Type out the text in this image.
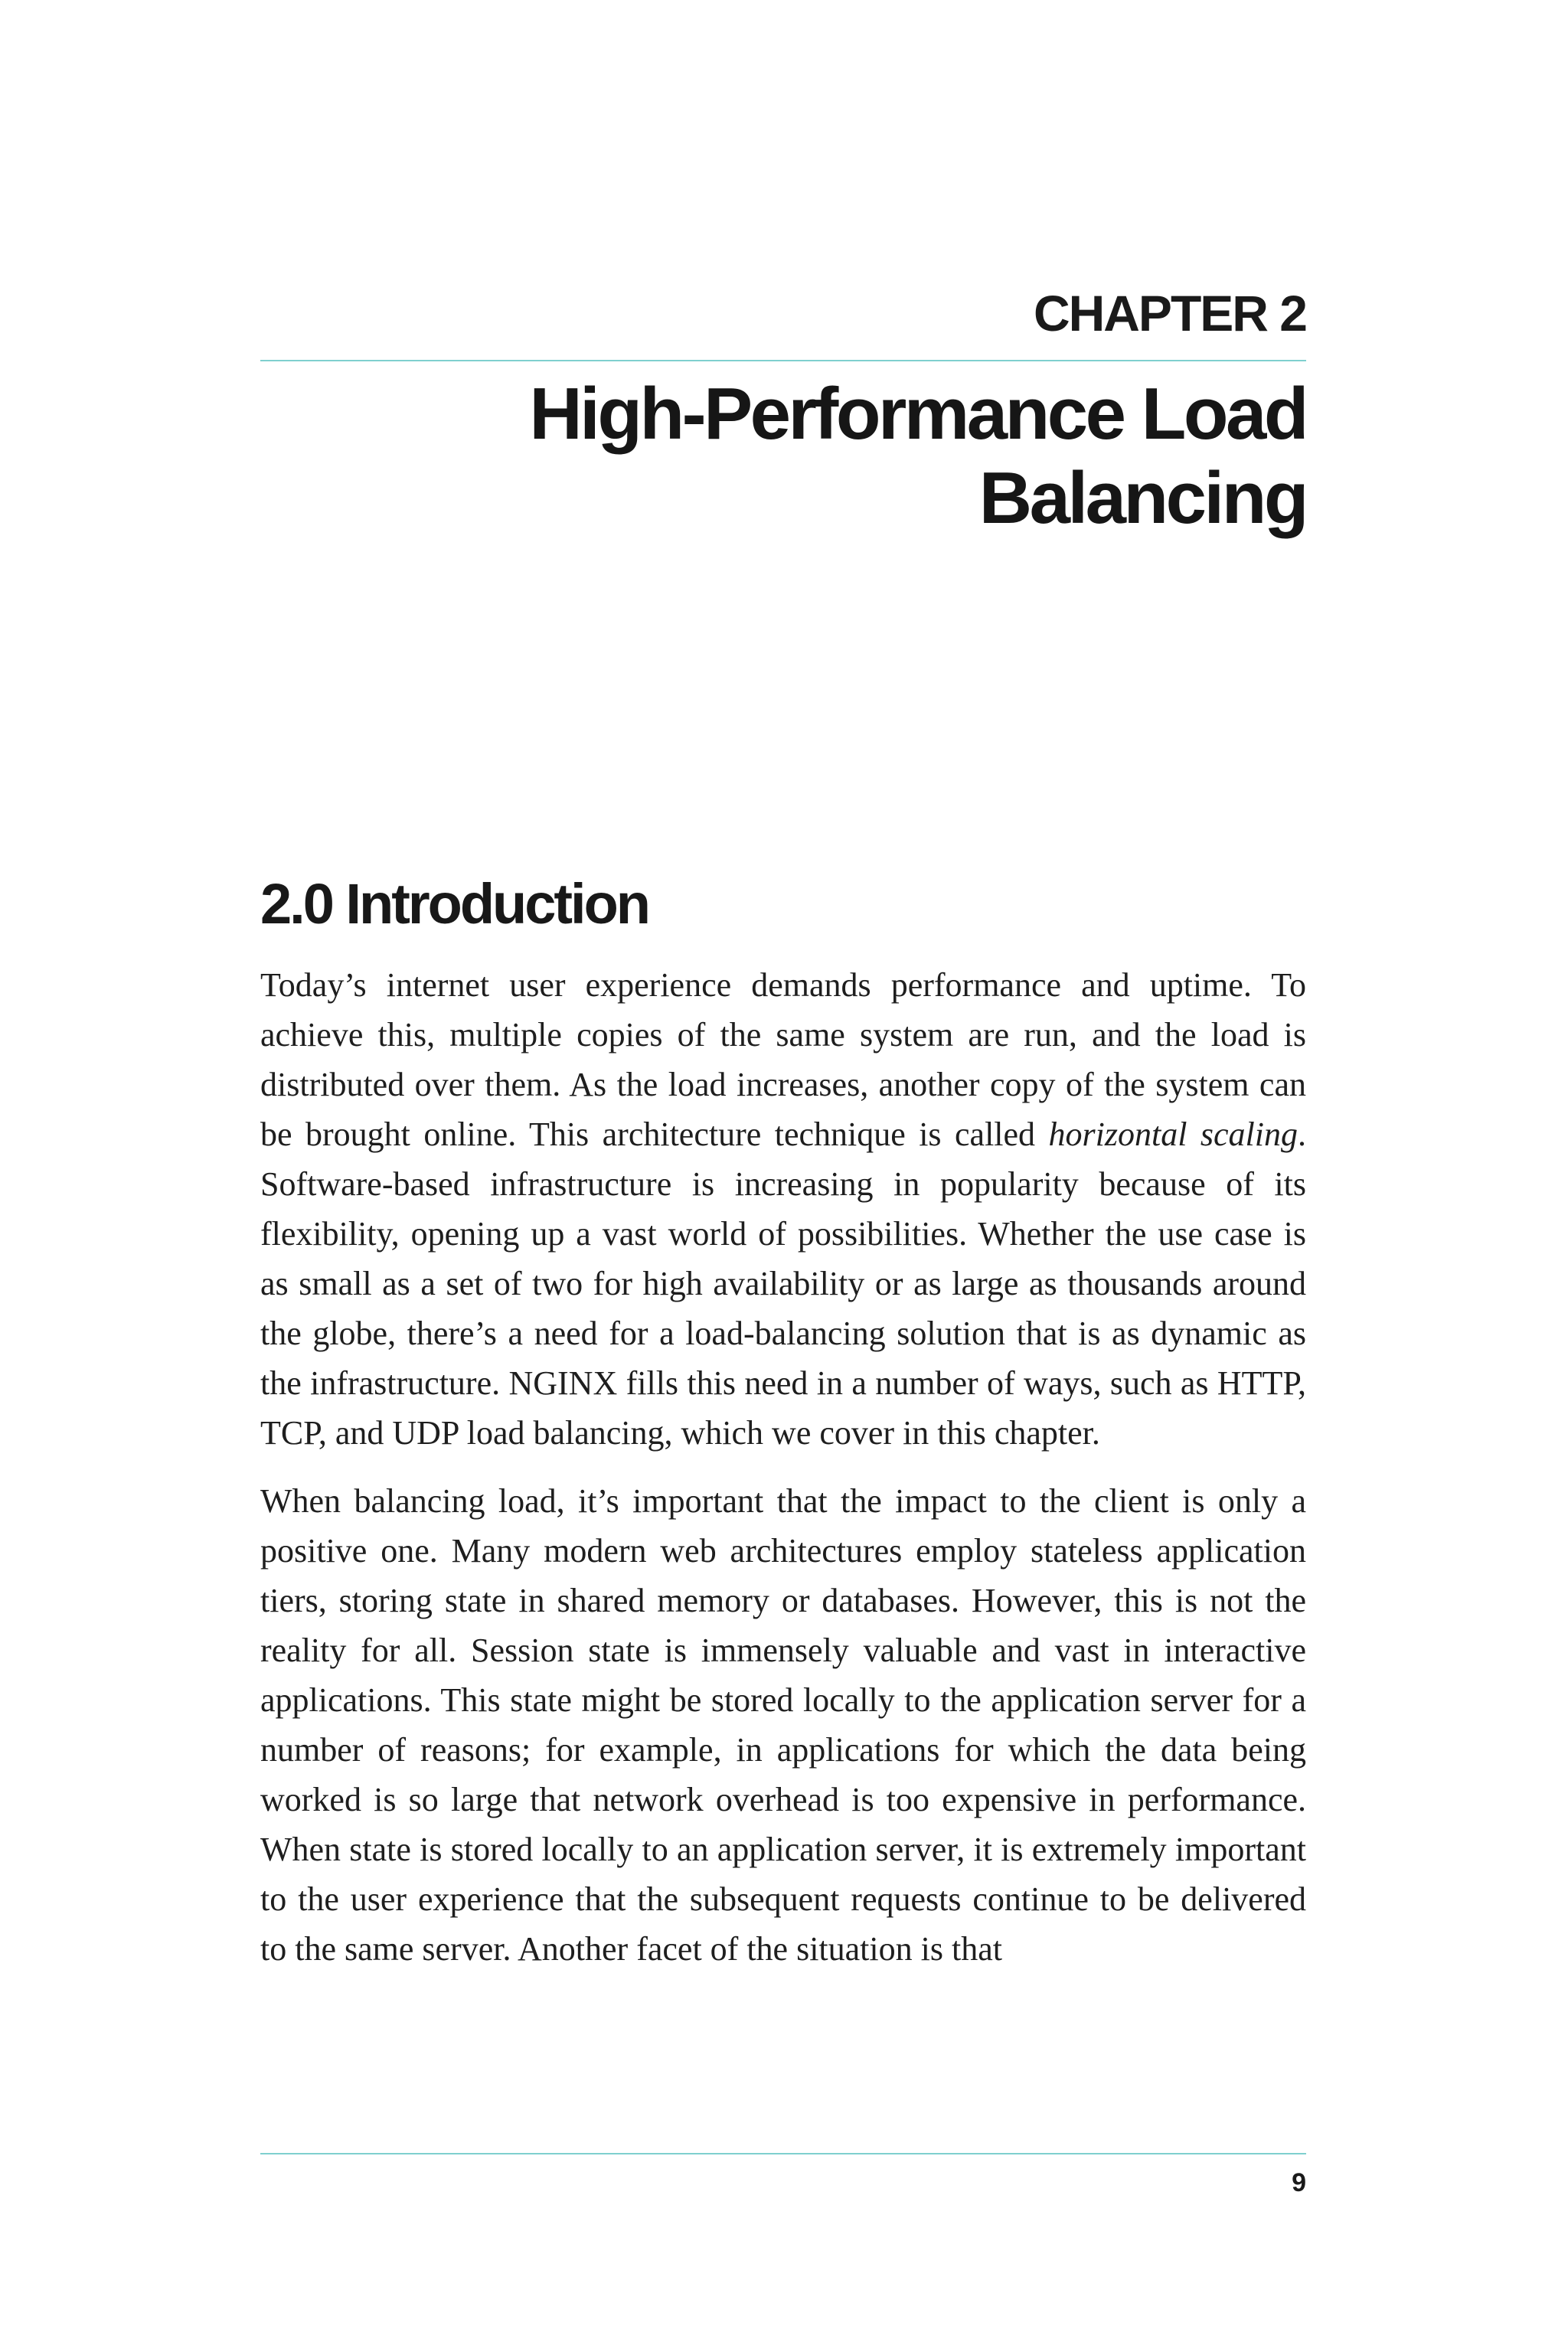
CHAPTER 2
High-Performance Load Balancing
2.0 Introduction

Today’s internet user experience demands performance and uptime. To achieve this, multiple copies of the same system are run, and the load is distributed over them. As the load increases, another copy of the system can be brought online. This architecture technique is called horizontal scaling. Software-based infrastructure is increasing in popularity because of its flexibility, opening up a vast world of possibilities. Whether the use case is as small as a set of two for high availability or as large as thousands around the globe, there’s a need for a load-balancing solution that is as dynamic as the infrastructure. NGINX fills this need in a number of ways, such as HTTP, TCP, and UDP load balancing, which we cover in this chapter.

When balancing load, it’s important that the impact to the client is only a positive one. Many modern web architectures employ stateless application tiers, storing state in shared memory or databases. However, this is not the reality for all. Session state is immensely valuable and vast in interactive applications. This state might be stored locally to the application server for a number of reasons; for example, in applications for which the data being worked is so large that network overhead is too expensive in performance. When state is stored locally to an application server, it is extremely important to the user experience that the subsequent requests continue to be delivered to the same server. Another facet of the situation is that

9
